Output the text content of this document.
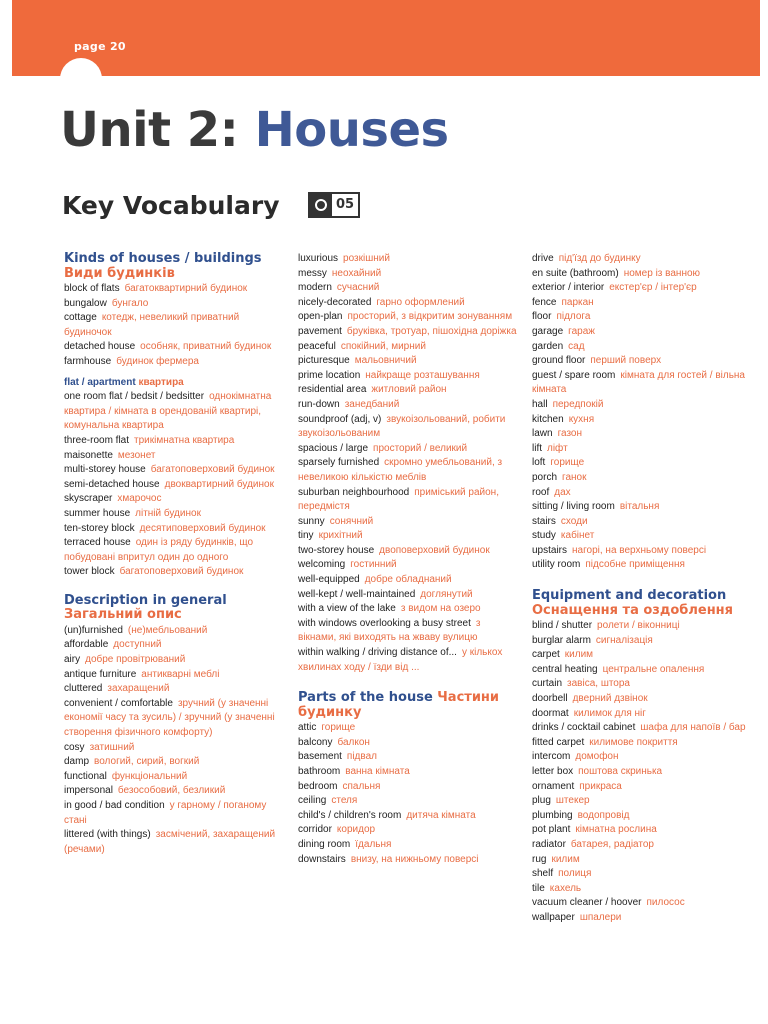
page 20
Unit 2: Houses
Key Vocabulary	05
Kinds of houses / buildings Види будинків
block of flats  багатоквартирний будинок
bungalow  бунгало
cottage  котедж, невеликий приватний будиночок
detached house  особняк, приватний будинок
farmhouse  будинок фермера
flat / apartment квартира
one room flat / bedsit / bedsitter  однокімнатна квартира / кімната в орендованій квартирі, комунальна квартира
three-room flat  трикімнатна квартира
maisonette  мезонет
multi-storey house  багатоповерховий будинок
semi-detached house  двоквартирний будинок
skyscraper  хмарочос
summer house  літній будинок
ten-storey block  десятиповерховий будинок
terraced house  один із ряду будинків, що побудовані впритул один до одного
tower block  багатоповерховий будинок
Description in general Загальний опис
(un)furnished  (не)мебльований
affordable  доступний
airy  добре провітрюваний
antique furniture  антикварні меблі
cluttered  захаращений
convenient / comfortable  зручний (у значенні економії часу та зусиль) / зручний (у значенні створення фізичного комфорту)
cosy  затишний
damp  вологий, сирий, вогкий
functional  функціональний
impersonal  безособовий, безликий
in good / bad condition  у гарному / поганому стані
littered (with things)  засмічений, захаращений (речами)
luxurious  розкішний
messy  неохайний
modern  сучасний
nicely-decorated  гарно оформлений
open-plan  просторий, з відкритим зонуванням
pavement  бруківка, тротуар, пішохідна доріжка
peaceful  спокійний, мирний
picturesque  мальовничий
prime location  найкраще розташування
residential area  житловий район
run-down  занедбаний
soundproof (adj, v)  звукоізольований, робити звукоізольованим
spacious / large  просторий / великий
sparsely furnished  скромно умебльований, з невеликою кількістю меблів
suburban neighbourhood  приміський район, передмістя
sunny  сонячний
tiny  крихітний
two-storey house  двоповерховий будинок
welcoming  гостинний
well-equipped  добре обладнаний
well-kept / well-maintained  доглянутий
with a view of the lake  з видом на озеро
with windows overlooking a busy street  з вікнами, які виходять на жваву вулицю
within walking / driving distance of...  у кількох хвилинах ходу / їзди від ...
Parts of the house Частини будинку
attic  горище
balcony  балкон
basement  підвал
bathroom  ванна кімната
bedroom  спальня
ceiling  стеля
child's / children's room  дитяча кімната
corridor  коридор
dining room  їдальня
downstairs  внизу, на нижньому поверсі
drive  під'їзд до будинку
en suite (bathroom)  номер із ванною
exterior / interior  екстер'єр / інтер'єр
fence  паркан
floor  підлога
garage  гараж
garden  сад
ground floor  перший поверх
guest / spare room  кімната для гостей / вільна кімната
hall  передпокій
kitchen  кухня
lawn  газон
lift  ліфт
loft  горище
porch  ганок
roof  дах
sitting / living room  вітальня
stairs  сходи
study  кабінет
upstairs  нагорі, на верхньому поверсі
utility room  підсобне приміщення
Equipment and decoration Оснащення та оздоблення
blind / shutter  ролети / віконниці
burglar alarm  сигналізація
carpet  килим
central heating  центральне опалення
curtain  завіса, штора
doorbell  дверний дзвінок
doormat  килимок для ніг
drinks / cocktail cabinet  шафа для напоїв / бар
fitted carpet  килимове покриття
intercom  домофон
letter box  поштова скринька
ornament  прикраса
plug  штекер
plumbing  водопровід
pot plant  кімнатна рослина
radiator  батарея, радіатор
rug  килим
shelf  полиця
tile  кахель
vacuum cleaner / hoover  пилосос
wallpaper  шпалери
